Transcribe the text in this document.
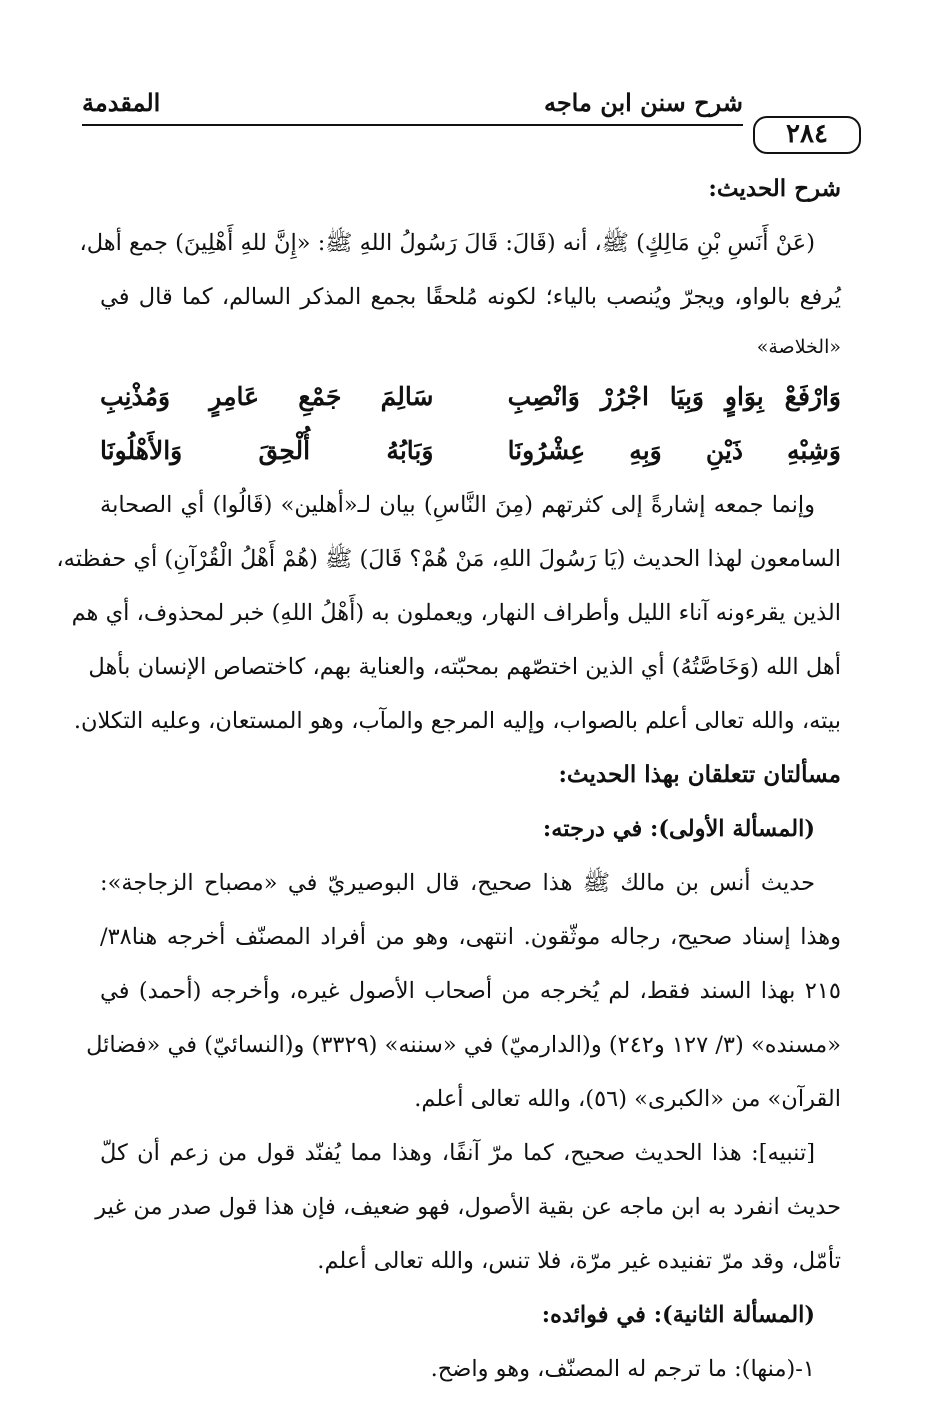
المقدمة	شرح سنن ابن ماجه
٢٨٤
شرح الحديث:
(عَنْ أَنَسِ بْنِ مَالِكٍ) ﷺ، أنه (قَالَ: قَالَ رَسُولُ اللهِ ﷺ: «إِنَّ للهِ أَهْلِينَ) جمع أهل،
يُرفع بالواو، ويجرّ ويُنصب بالياء؛ لكونه مُلحقًا بجمع المذكر السالم، كما قال في
«الخلاصة»
وَارْفَعْ بِوَاوٍ وَبِيَا اجْرُرْ وَانْصِبِ
سَالِمَ جَمْعِ عَامِرٍ وَمُذْنِبِ
وَشِبْهِ ذَيْنِ وَبِهِ عِشْرُونَا
وَبَابُهُ أُلْحِقَ وَالأَهْلُونَا
وإنما جمعه إشارةً إلى كثرتهم (مِنَ النَّاسِ) بيان لـ«أهلين» (قَالُوا) أي الصحابة
السامعون لهذا الحديث (يَا رَسُولَ اللهِ، مَنْ هُمْ؟ قَالَ) ﷺ (هُمْ أَهْلُ الْقُرْآنِ) أي حفظته،
الذين يقرءونه آناء الليل وأطراف النهار، ويعملون به (أَهْلُ اللهِ) خبر لمحذوف، أي هم
أهل الله (وَخَاصَّتُهُ) أي الذين اختصّهم بمحبّته، والعناية بهم، كاختصاص الإنسان بأهل
بيته، والله تعالى أعلم بالصواب، وإليه المرجع والمآب، وهو المستعان، وعليه التكلان.
مسألتان تتعلقان بهذا الحديث:
(المسألة الأولى): في درجته:
حديث أنس بن مالك ﷺ هذا صحيح، قال البوصيريّ في «مصباح الزجاجة»:
وهذا إسناد صحيح، رجاله موثّقون. انتهى، وهو من أفراد المصنّف أخرجه هنا٣٨/
٢١٥ بهذا السند فقط، لم يُخرجه من أصحاب الأصول غيره، وأخرجه (أحمد) في
«مسنده» (٣/ ١٢٧ و٢٤٢) و(الدارميّ) في «سننه» (٣٣٢٩) و(النسائيّ) في «فضائل
القرآن» من «الكبرى» (٥٦)، والله تعالى أعلم.
[تنبيه]: هذا الحديث صحيح، كما مرّ آنفًا، وهذا مما يُفنّد قول من زعم أن كلّ
حديث انفرد به ابن ماجه عن بقية الأصول، فهو ضعيف، فإن هذا قول صدر من غير
تأمّل، وقد مرّ تفنيده غير مرّة، فلا تنس، والله تعالى أعلم.
(المسألة الثانية): في فوائده:
١-(منها): ما ترجم له المصنّف، وهو واضح.
